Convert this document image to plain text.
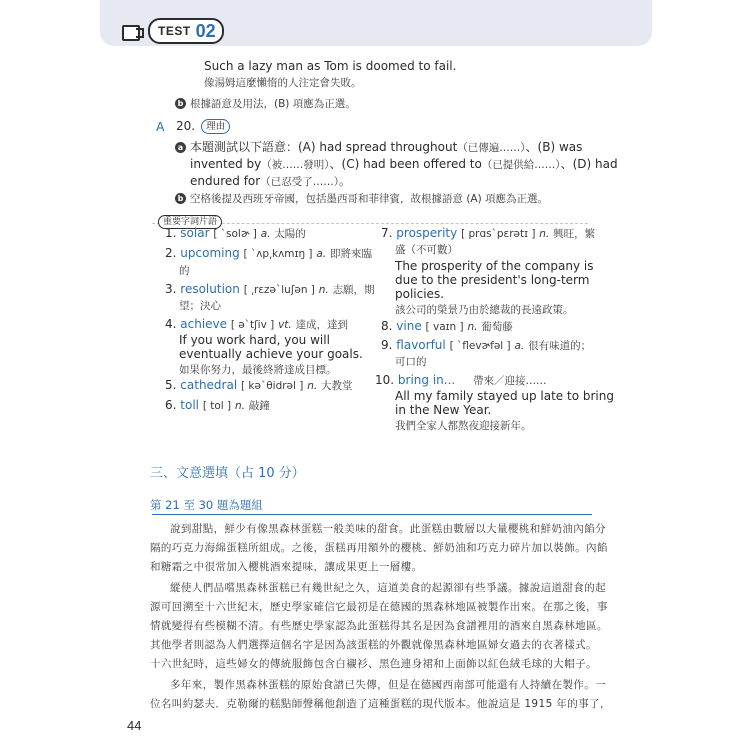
TEST 02
Such a lazy man as Tom is doomed to fail.
像湯姆這麼懶惰的人注定會失敗。
b 根據語意及用法，(B) 項應為正選。
A 20. 理由
a 本題測試以下語意：(A) had spread throughout（已傳遍……）、(B) was
invented by（被……發明）、(C) had been offered to（已提供給……）、(D) had
endured for（已忍受了……）。
b 空格後提及西班牙帝國，包括墨西哥和菲律賓，故根據語意 (A) 項應為正選。
重要字詞片語
1. solar [ ˋsolɚ ] a. 太陽的
2. upcoming [ ˋʌp͵kʌmɪŋ ] a. 即將來臨
的
3. resolution [ ͵rɛzəˋluʃən ] n. 志願，期
望；決心
4. achieve [ əˋtʃiv ] vt. 達成，達到
If you work hard, you will
eventually achieve your goals.
如果你努力，最後終將達成目標。
5. cathedral [ kəˋθidrəl ] n. 大教堂
6. toll [ tol ] n. 敲鐘
7. prosperity [ prɑsˋpɛrətɪ ] n. 興旺，繁
盛（不可數）
The prosperity of the company is
due to the president's long-term
policies.
該公司的榮景乃由於總裁的長遠政策。
8. vine [ vaɪn ] n. 葡萄藤
9. flavorful [ ˋflevɚfəl ] a. 很有味道的；
可口的
10. bring in... 帶來／迎接……
All my family stayed up late to bring
in the New Year.
我們全家人都熬夜迎接新年。
三、文意選填（占 10 分）
第 21 至 30 題為題組
說到甜點，鮮少有像黑森林蛋糕一般美味的甜食。此蛋糕由數層以大量櫻桃和鮮奶油內餡分
隔的巧克力海綿蛋糕所組成。之後，蛋糕再用額外的櫻桃、鮮奶油和巧克力碎片加以裝飾。內餡
和糖霜之中很常加入櫻桃酒來提味，讓成果更上一層樓。
縱使人們品嚐黑森林蛋糕已有幾世紀之久，這道美食的起源卻有些爭議。據說這道甜食的起
源可回溯至十六世紀末，歷史學家確信它最初是在德國的黑森林地區被製作出來。在那之後，事
情就變得有些模糊不清。有些歷史學家認為此蛋糕得其名是因為食譜裡用的酒來自黑森林地區。
其他學者則認為人們選擇這個名字是因為該蛋糕的外觀就像黑森林地區婦女過去的衣著樣式。
十六世紀時，這些婦女的傳統服飾包含白襯衫、黑色連身裙和上面飾以紅色絨毛球的大帽子。
多年來，製作黑森林蛋糕的原始食譜已失傳，但是在德國西南部可能還有人持續在製作。一
位名叫約瑟夫．克勒爾的糕點師聲稱他創造了這種蛋糕的現代版本。他說這是 1915 年的事了，
44
